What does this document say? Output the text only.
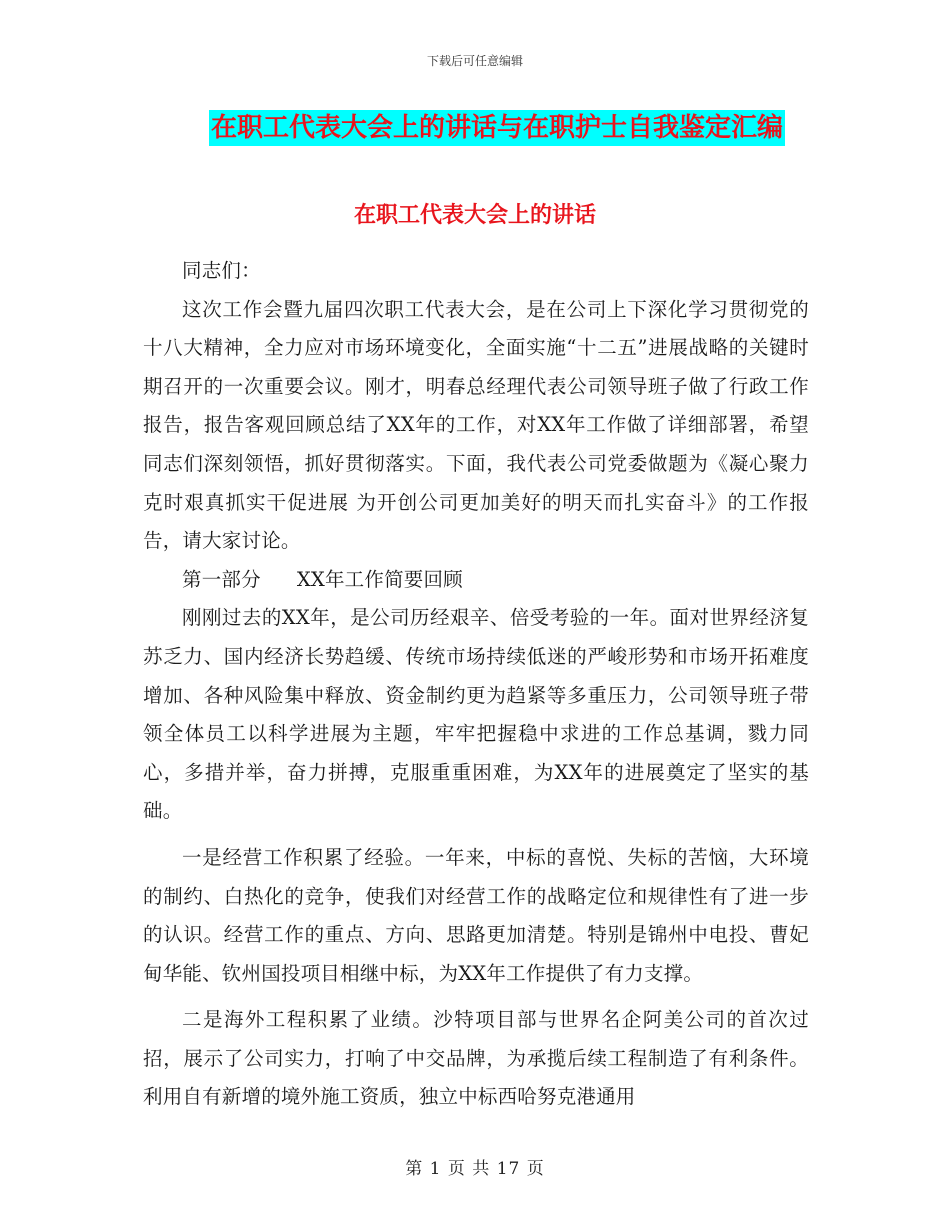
下载后可任意编辑
在职工代表大会上的讲话与在职护士自我鉴定汇编
在职工代表大会上的讲话

同志们：

这次工作会暨九届四次职工代表大会，是在公司上下深化学习贯彻党的十八大精神，全力应对市场环境变化，全面实施“十二五”进展战略的关键时期召开的一次重要会议。刚才，明春总经理代表公司领导班子做了行政工作报告，报告客观回顾总结了XX年的工作，对XX年工作做了详细部署，希望同志们深刻领悟，抓好贯彻落实。下面，我代表公司党委做题为《凝心聚力克时艰真抓实干促进展 为开创公司更加美好的明天而扎实奋斗》的工作报告，请大家讨论。

第一部分 XX年工作简要回顾

刚刚过去的XX年，是公司历经艰辛、倍受考验的一年。面对世界经济复苏乏力、国内经济长势趋缓、传统市场持续低迷的严峻形势和市场开拓难度增加、各种风险集中释放、资金制约更为趋紧等多重压力，公司领导班子带领全体员工以科学进展为主题，牢牢把握稳中求进的工作总基调，戮力同心，多措并举，奋力拼搏，克服重重困难，为XX年的进展奠定了坚实的基础。

一是经营工作积累了经验。一年来，中标的喜悦、失标的苦恼，大环境的制约、白热化的竞争，使我们对经营工作的战略定位和规律性有了进一步的认识。经营工作的重点、方向、思路更加清楚。特别是锦州中电投、曹妃甸华能、钦州国投项目相继中标，为XX年工作提供了有力支撑。

二是海外工程积累了业绩。沙特项目部与世界名企阿美公司的首次过招，展示了公司实力，打响了中交品牌，为承揽后续工程制造了有利条件。利用自有新增的境外施工资质，独立中标西哈努克港通用

第 1 页 共 17 页
